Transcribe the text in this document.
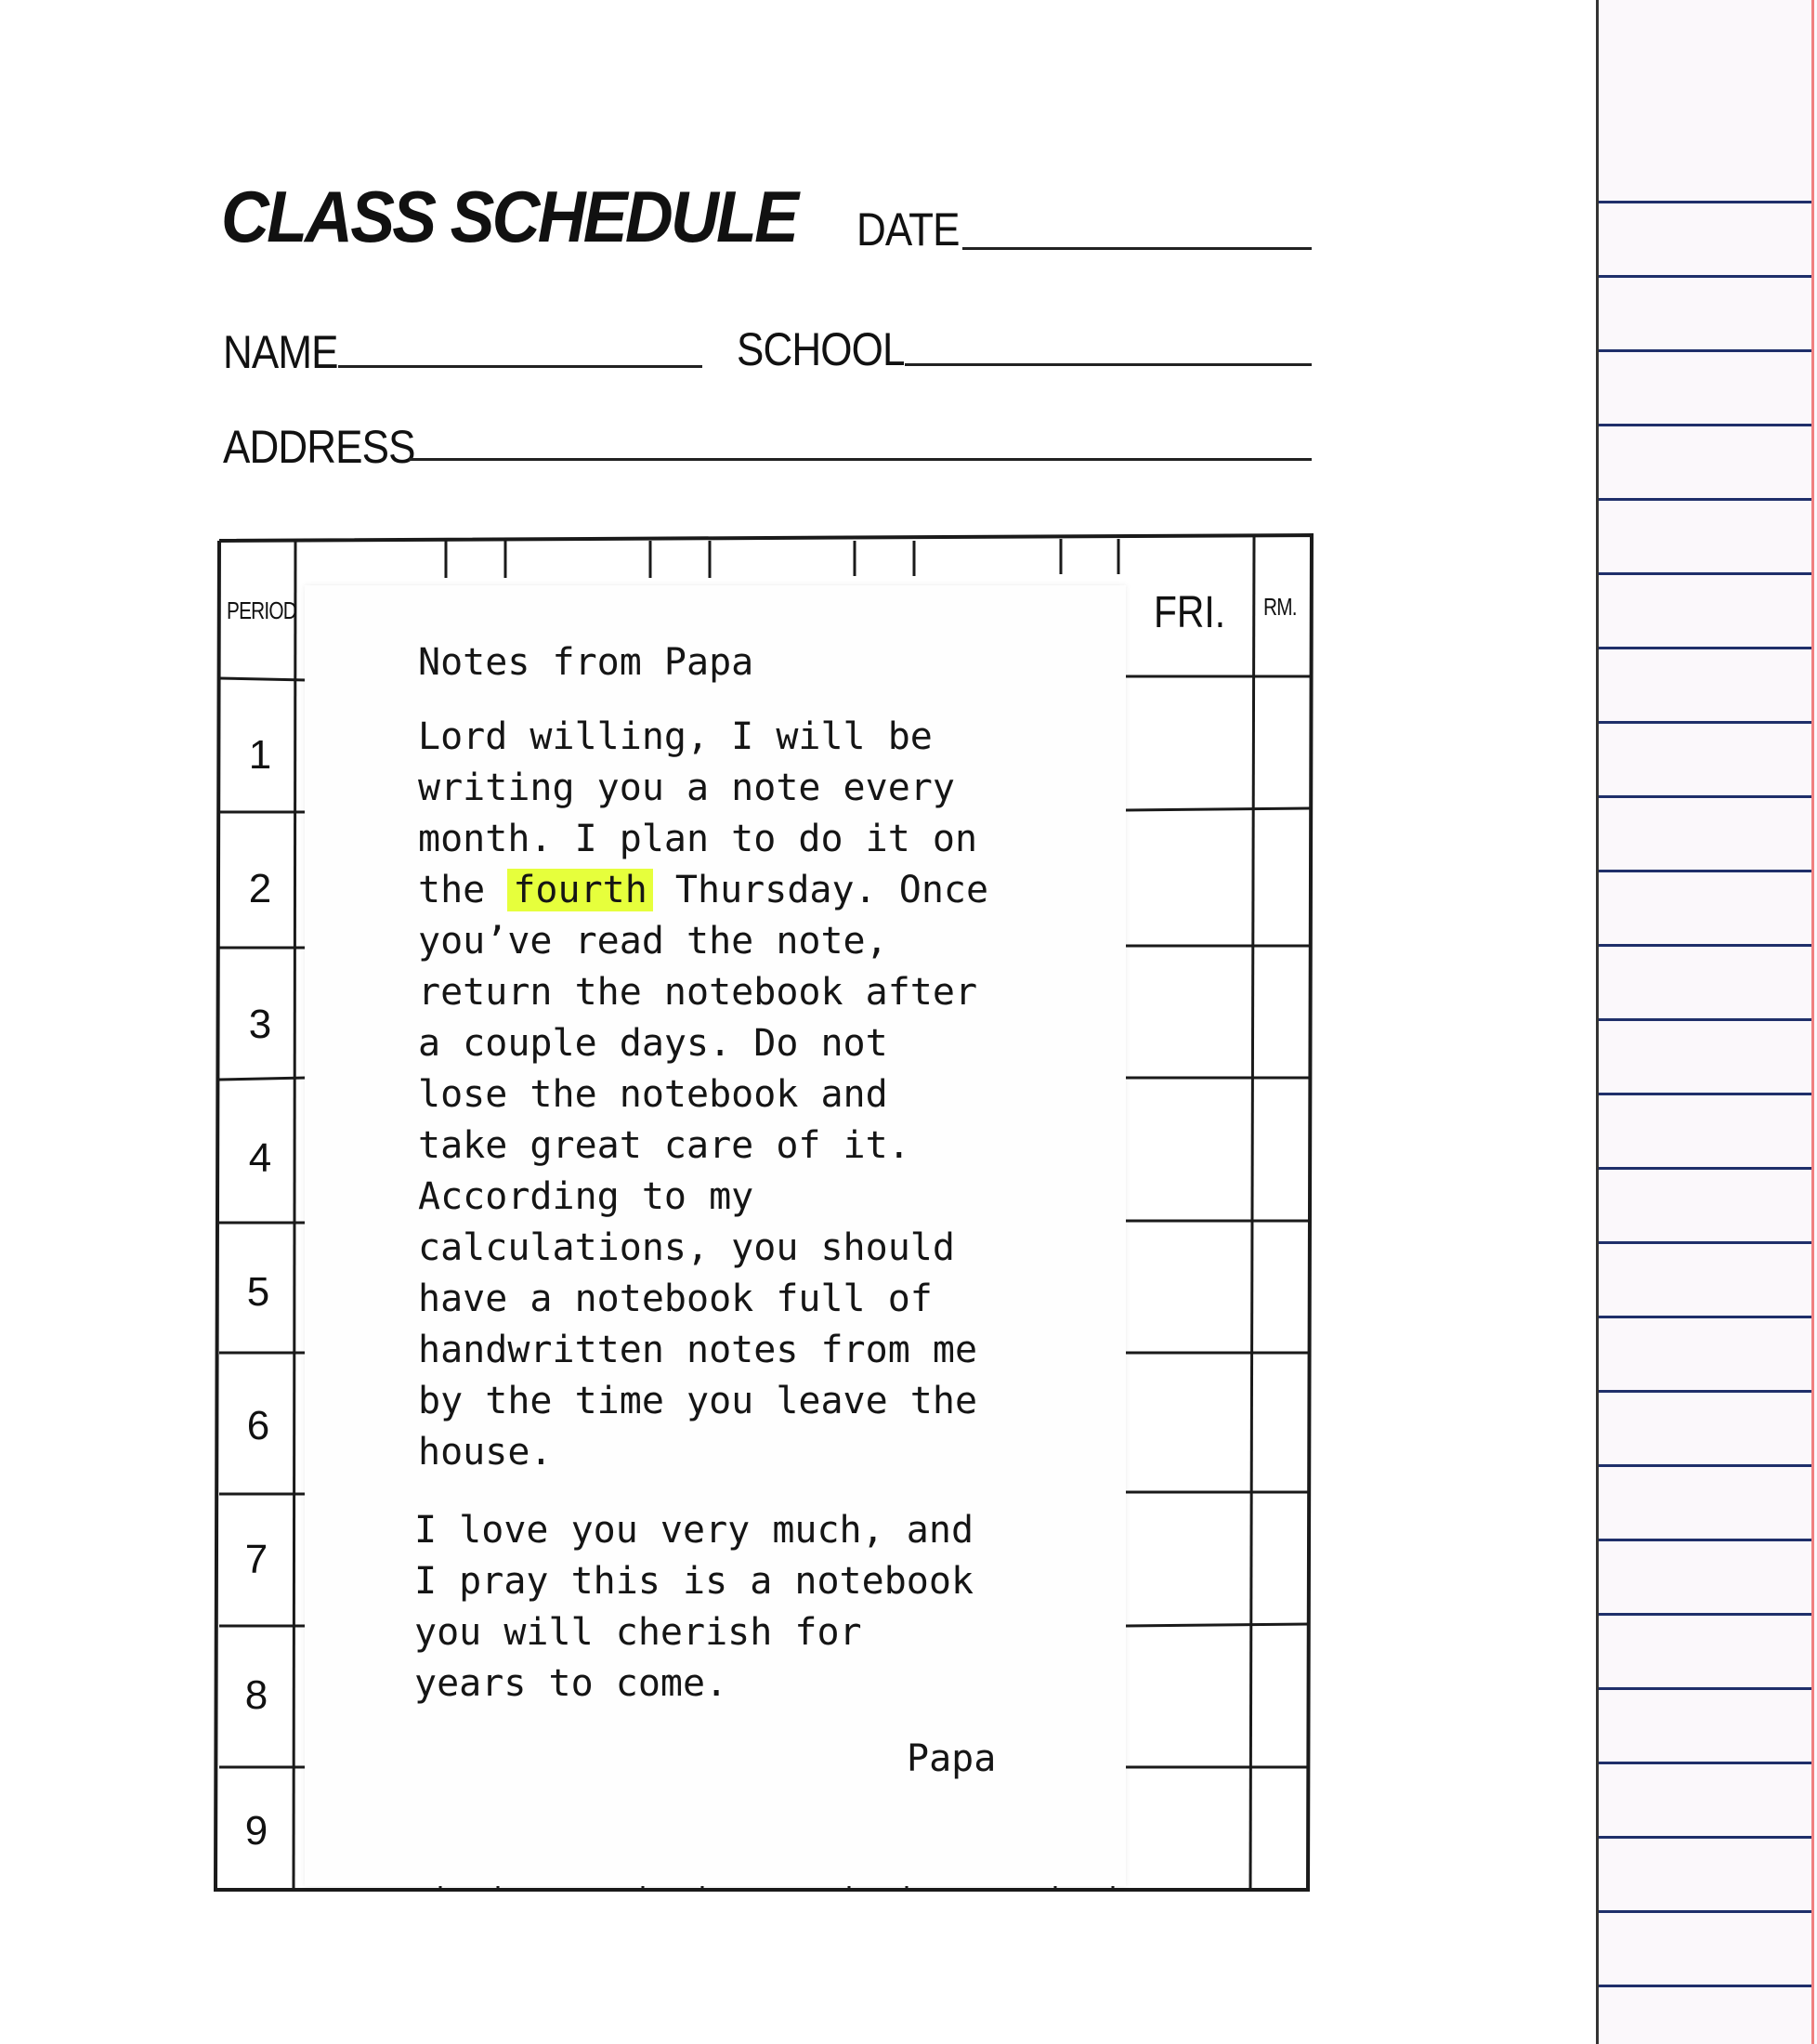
CLASS SCHEDULE DATE
NAME	SCHOOL
ADDRESS
PERIOD	FRI. RM.
1
2
3
4
5
6
7
8
9
Notes from Papa
Lord willing, I will be
writing you a note every
month. I plan to do it on
the fourth Thursday. Once
you’ve read the note,
return the notebook after
a couple days. Do not
lose the notebook and
take great care of it.
According to my
calculations, you should
have a notebook full of
handwritten notes from me
by the time you leave the
house.
I love you very much, and
I pray this is a notebook
you will cherish for
years to come.
Papa
